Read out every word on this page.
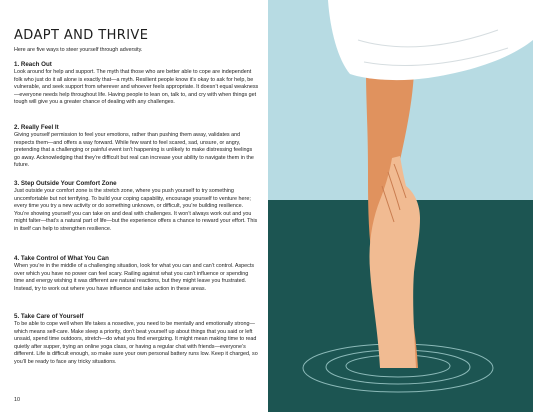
ADAPT AND THRIVE

Here are five ways to steer yourself through adversity.

1. Reach Out

Look around for help and support. The myth that those who are better able to cope are independent folk who just do it all alone is exactly that—a myth. Resilient people know it’s okay to ask for help, be vulnerable, and seek support from wherever and whoever feels appropriate. It doesn’t equal weakness—everyone needs help throughout life. Having people to lean on, talk to, and cry with when things get tough will give you a greater chance of dealing with any challenges.

2. Really Feel It

Giving yourself permission to feel your emotions, rather than pushing them away, validates and respects them—and offers a way forward. While few want to feel scared, sad, unsure, or angry, pretending that a challenging or painful event isn’t happening is unlikely to make distressing feelings go away. Acknowledging that they’re difficult but real can increase your ability to navigate them in the future.

3. Step Outside Your Comfort Zone

Just outside your comfort zone is the stretch zone, where you push yourself to try something uncomfortable but not terrifying. To build your coping capability, encourage yourself to venture here; every time you try a new activity or do something unknown, or difficult, you’re building resilience. You’re showing yourself you can take on and deal with challenges. It won’t always work out and you might falter—that’s a natural part of life—but the experience offers a chance to reward your effort. This in itself can help to strengthen resilience.

4. Take Control of What You Can

When you’re in the middle of a challenging situation, look for what you can and can’t control. Aspects over which you have no power can feel scary. Railing against what you can’t influence or spending time and energy wishing it was different are natural reactions, but they might leave you frustrated. Instead, try to work out where you have influence and take action in these areas.

5. Take Care of Yourself

To be able to cope well when life takes a nosedive, you need to be mentally and emotionally strong—which means self-care. Make sleep a priority, don’t beat yourself up about things that you said or left unsaid, spend time outdoors, stretch—do what you find energizing. It might mean making time to read quietly after supper, trying an online yoga class, or having a regular chat with friends—everyone’s different. Life is difficult enough, so make sure your own personal battery runs low. Keep it charged, so you’ll be ready to face any tricky situations.

10
